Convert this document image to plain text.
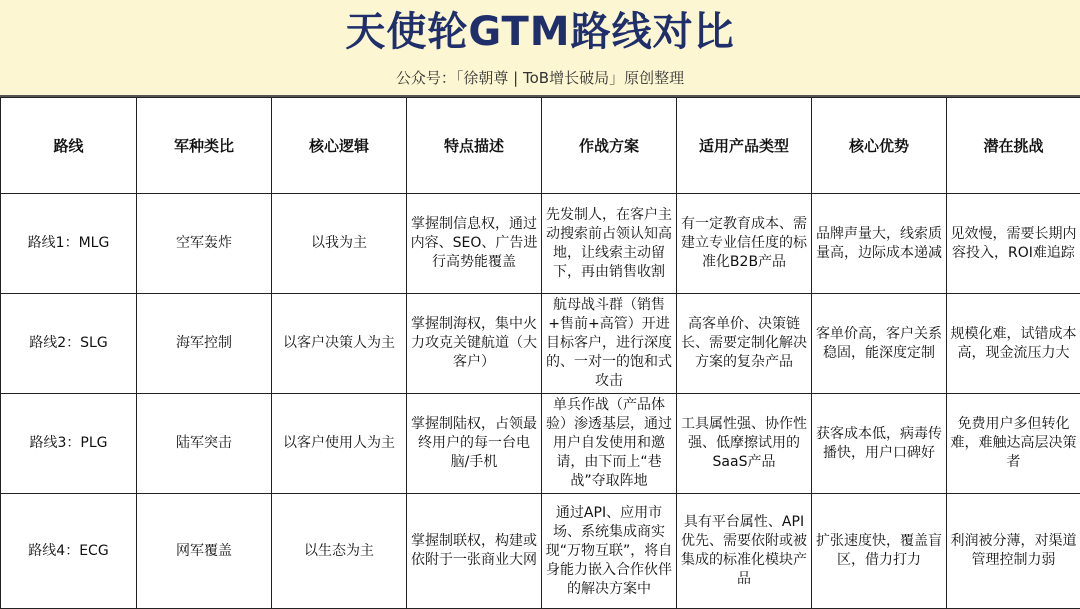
天使轮GTM路线对比
公众号：「徐朝尊 | ToB增长破局」原创整理
路线	军种类比	核心逻辑	特点描述	作战方案	适用产品类型	核心优势	潜在挑战
路线1：MLG	空军轰炸	以我为主	掌握制信息权，通过内容、SEO、广告进行高势能覆盖	先发制人，在客户主动搜索前占领认知高地，让线索主动留下，再由销售收割	有一定教育成本、需建立专业信任度的标准化B2B产品	品牌声量大，线索质量高，边际成本递减	见效慢，需要长期内容投入，ROI难追踪
路线2：SLG	海军控制	以客户决策人为主	掌握制海权，集中火力攻克关键航道（大客户）	航母战斗群（销售+售前+高管）开进目标客户，进行深度的、一对一的饱和式攻击	高客单价、决策链长、需要定制化解决方案的复杂产品	客单价高，客户关系稳固，能深度定制	规模化难，试错成本高，现金流压力大
路线3：PLG	陆军突击	以客户使用人为主	掌握制陆权，占领最终用户的每一台电脑/手机	单兵作战（产品体验）渗透基层，通过用户自发使用和邀请，由下而上“巷战”夺取阵地	工具属性强、协作性强、低摩擦试用的SaaS产品	获客成本低，病毒传播快，用户口碑好	免费用户多但转化难，难触达高层决策者
路线4：ECG	网军覆盖	以生态为主	掌握制联权，构建或依附于一张商业大网	通过API、应用市场、系统集成商实现“万物互联”，将自身能力嵌入合作伙伴的解决方案中	具有平台属性、API优先、需要依附或被集成的标准化模块产品	扩张速度快，覆盖盲区，借力打力	利润被分薄，对渠道管理控制力弱
